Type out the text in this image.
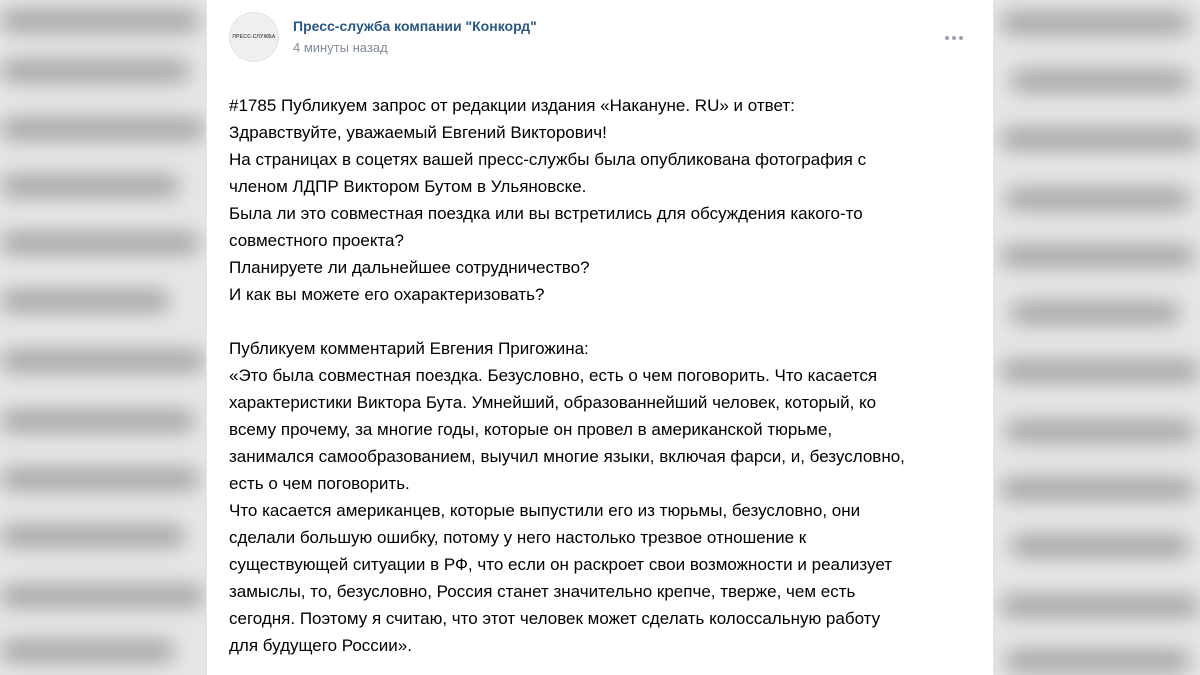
ПРЕСС-СЛУЖБА
Пресс-служба компании "Конкорд"
4 минуты назад
#1785 Публикуем запрос от редакции издания «Накануне. RU» и ответ:
Здравствуйте, уважаемый Евгений Викторович!
На страницах в соцетях вашей пресс-службы была опубликована фотография с
членом ЛДПР Виктором Бутом в Ульяновске.
Была ли это совместная поездка или вы встретились для обсуждения какого-то
совместного проекта?
Планируете ли дальнейшее сотрудничество?
И как вы можете его охарактеризовать?
Публикуем комментарий Евгения Пригожина:
«Это была совместная поездка. Безусловно, есть о чем поговорить. Что касается
характеристики Виктора Бута. Умнейший, образованнейший человек, который, ко
всему прочему, за многие годы, которые он провел в американской тюрьме,
занимался самообразованием, выучил многие языки, включая фарси, и, безусловно,
есть о чем поговорить.
Что касается американцев, которые выпустили его из тюрьмы, безусловно, они
сделали большую ошибку, потому у него настолько трезвое отношение к
существующей ситуации в РФ, что если он раскроет свои возможности и реализует
замыслы, то, безусловно, Россия станет значительно крепче, тверже, чем есть
сегодня. Поэтому я считаю, что этот человек может сделать колоссальную работу
для будущего России».
